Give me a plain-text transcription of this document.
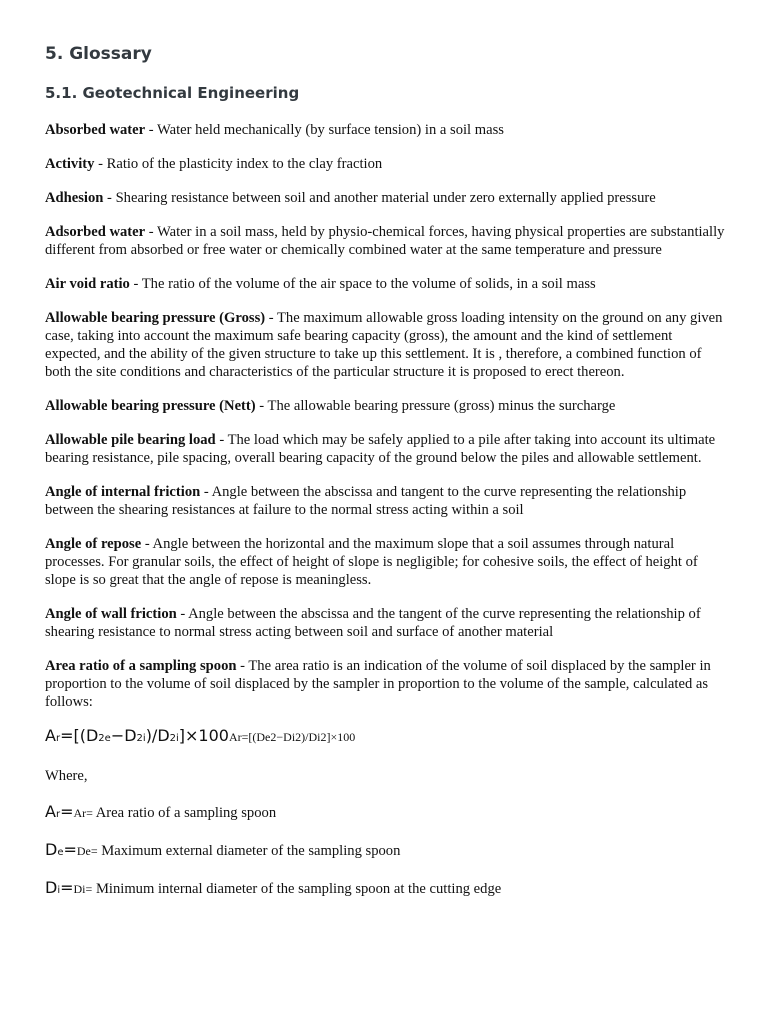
5. Glossary
5.1. Geotechnical Engineering

Absorbed water - Water held mechanically (by surface tension) in a soil mass

Activity - Ratio of the plasticity index to the clay fraction

Adhesion - Shearing resistance between soil and another material under zero externally applied pressure

Adsorbed water - Water in a soil mass, held by physio-chemical forces, having physical properties are substantially different from absorbed or free water or chemically combined water at the same temperature and pressure

Air void ratio - The ratio of the volume of the air space to the volume of solids, in a soil mass

Allowable bearing pressure (Gross) - The maximum allowable gross loading intensity on the ground on any given case, taking into account the maximum safe bearing capacity (gross), the amount and the kind of settlement expected, and the ability of the given structure to take up this settlement. It is , therefore, a combined function of both the site conditions and characteristics of the particular structure it is proposed to erect thereon.

Allowable bearing pressure (Nett) - The allowable bearing pressure (gross) minus the surcharge

Allowable pile bearing load - The load which may be safely applied to a pile after taking into account its ultimate bearing resistance, pile spacing, overall bearing capacity of the ground below the piles and allowable settlement.

Angle of internal friction - Angle between the abscissa and tangent to the curve representing the relationship between the shearing resistances at failure to the normal stress acting within a soil

Angle of repose - Angle between the horizontal and the maximum slope that a soil assumes through natural processes. For granular soils, the effect of height of slope is negligible; for cohesive soils, the effect of height of slope is so great that the angle of repose is meaningless.

Angle of wall friction - Angle between the abscissa and the tangent of the curve representing the relationship of shearing resistance to normal stress acting between soil and surface of another material

Area ratio of a sampling spoon - The area ratio is an indication of the volume of soil displaced by the sampler in proportion to the volume of soil displaced by the sampler in proportion to the volume of the sample, calculated as follows:

Ar=[(D2e−D2i)/D2i]×100Ar=[(De2−Di2)/Di2]×100

Where,

Ar=Ar= Area ratio of a sampling spoon

De=De= Maximum external diameter of the sampling spoon

Di=Di= Minimum internal diameter of the sampling spoon at the cutting edge
